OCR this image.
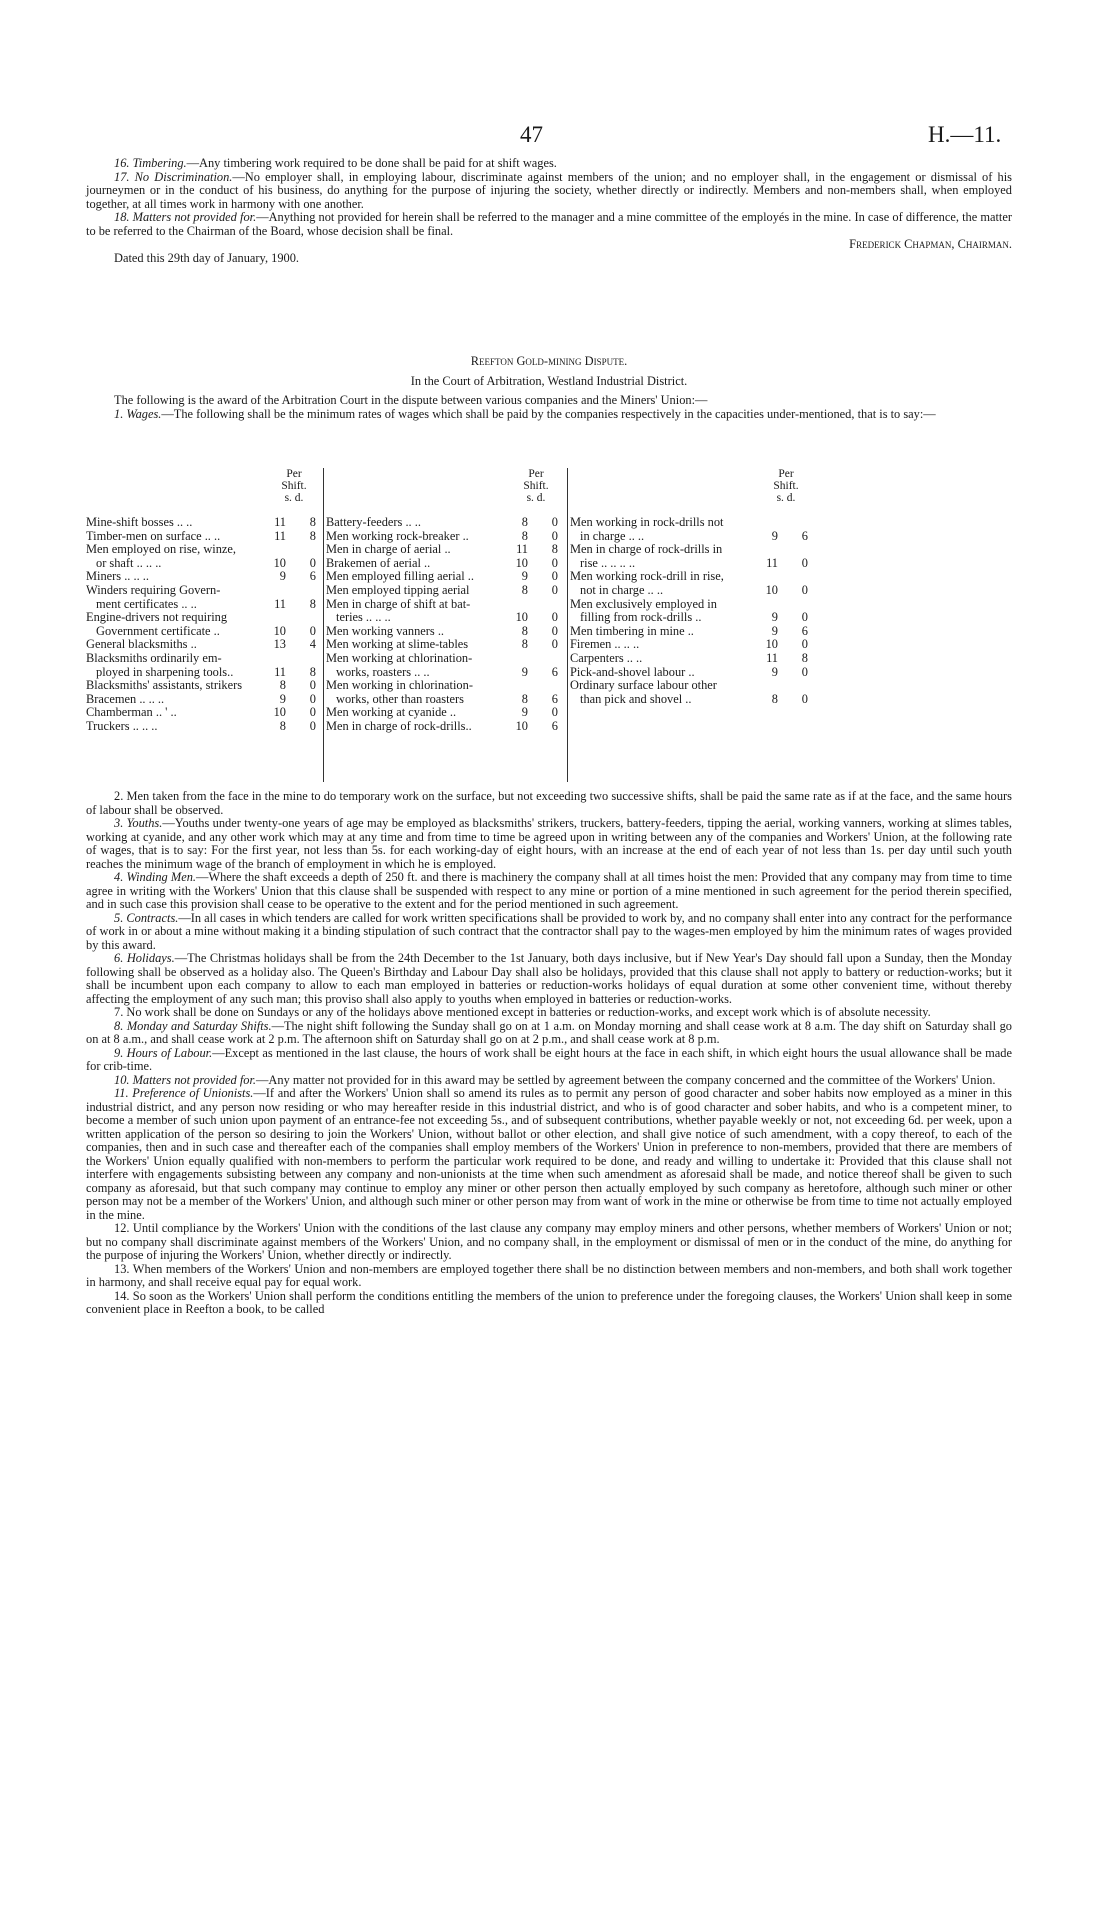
47	H.—11.

16. Timbering.—Any timbering work required to be done shall be paid for at shift wages.

17. No Discrimination.—No employer shall, in employing labour, discriminate against members of the union; and no employer shall, in the engagement or dismissal of his journeymen or in the conduct of his business, do anything for the purpose of injuring the society, whether directly or indirectly. Members and non-members shall, when employed together, at all times work in harmony with one another.

18. Matters not provided for.—Anything not provided for herein shall be referred to the manager and a mine committee of the employés in the mine. In case of difference, the matter to be referred to the Chairman of the Board, whose decision shall be final.

Frederick Chapman, Chairman.

Dated this 29th day of January, 1900.

Reefton Gold-mining Dispute.

In the Court of Arbitration, Westland Industrial District.

The following is the award of the Arbitration Court in the dispute between various companies and the Miners' Union:—

1. Wages.—The following shall be the minimum rates of wages which shall be paid by the companies respectively in the capacities under-mentioned, that is to say:—

Per
Shift.
s. d.
Mine-shift bosses .. ..	11	8
Timber-men on surface .. ..	11	8
Men employed on rise, winze,
or shaft .. .. ..	10	0
Miners .. .. ..	9	6
Winders requiring Govern-
ment certificates .. ..	11	8
Engine-drivers not requiring
Government certificate ..	10	0
General blacksmiths ..	13	4
Blacksmiths ordinarily em-
ployed in sharpening tools..	11	8
Blacksmiths' assistants, strikers	8	0
Bracemen .. .. ..	9	0
Chamberman .. ' ..	10	0
Truckers .. .. ..	8	0
Per
Shift.
s. d.
Battery-feeders .. ..	8	0
Men working rock-breaker ..	8	0
Men in charge of aerial ..	11	8
Brakemen of aerial ..	10	0
Men employed filling aerial ..	9	0
Men employed tipping aerial	8	0
Men in charge of shift at bat-
teries .. .. ..	10	0
Men working vanners ..	8	0
Men working at slime-tables	8	0
Men working at chlorination-
works, roasters .. ..	9	6
Men working in chlorination-
works, other than roasters	8	6
Men working at cyanide ..	9	0
Men in charge of rock-drills..	10	6
Per
Shift.
s. d.
Men working in rock-drills not
in charge .. ..	9	6
Men in charge of rock-drills in
rise .. .. .. ..	11	0
Men working rock-drill in rise,
not in charge .. ..	10	0
Men exclusively employed in
filling from rock-drills ..	9	0
Men timbering in mine ..	9	6
Firemen .. .. ..	10	0
Carpenters .. ..	11	8
Pick-and-shovel labour ..	9	0
Ordinary surface labour other
than pick and shovel ..	8	0

2. Men taken from the face in the mine to do temporary work on the surface, but not exceeding two successive shifts, shall be paid the same rate as if at the face, and the same hours of labour shall be observed.

3. Youths.—Youths under twenty-one years of age may be employed as blacksmiths' strikers, truckers, battery-feeders, tipping the aerial, working vanners, working at slimes tables, working at cyanide, and any other work which may at any time and from time to time be agreed upon in writing between any of the companies and Workers' Union, at the following rate of wages, that is to say: For the first year, not less than 5s. for each working-day of eight hours, with an increase at the end of each year of not less than 1s. per day until such youth reaches the minimum wage of the branch of employment in which he is employed.

4. Winding Men.—Where the shaft exceeds a depth of 250 ft. and there is machinery the company shall at all times hoist the men: Provided that any company may from time to time agree in writing with the Workers' Union that this clause shall be suspended with respect to any mine or portion of a mine mentioned in such agreement for the period therein specified, and in such case this provision shall cease to be operative to the extent and for the period mentioned in such agreement.

5. Contracts.—In all cases in which tenders are called for work written specifications shall be provided to work by, and no company shall enter into any contract for the performance of work in or about a mine without making it a binding stipulation of such contract that the contractor shall pay to the wages-men employed by him the minimum rates of wages provided by this award.

6. Holidays.—The Christmas holidays shall be from the 24th December to the 1st January, both days inclusive, but if New Year's Day should fall upon a Sunday, then the Monday following shall be observed as a holiday also. The Queen's Birthday and Labour Day shall also be holidays, provided that this clause shall not apply to battery or reduction-works; but it shall be incumbent upon each company to allow to each man employed in batteries or reduction-works holidays of equal duration at some other convenient time, without thereby affecting the employment of any such man; this proviso shall also apply to youths when employed in batteries or reduction-works.

7. No work shall be done on Sundays or any of the holidays above mentioned except in batteries or reduction-works, and except work which is of absolute necessity.

8. Monday and Saturday Shifts.—The night shift following the Sunday shall go on at 1 a.m. on Monday morning and shall cease work at 8 a.m. The day shift on Saturday shall go on at 8 a.m., and shall cease work at 2 p.m. The afternoon shift on Saturday shall go on at 2 p.m., and shall cease work at 8 p.m.

9. Hours of Labour.—Except as mentioned in the last clause, the hours of work shall be eight hours at the face in each shift, in which eight hours the usual allowance shall be made for crib-time.

10. Matters not provided for.—Any matter not provided for in this award may be settled by agreement between the company concerned and the committee of the Workers' Union.

11. Preference of Unionists.—If and after the Workers' Union shall so amend its rules as to permit any person of good character and sober habits now employed as a miner in this industrial district, and any person now residing or who may hereafter reside in this industrial district, and who is of good character and sober habits, and who is a competent miner, to become a member of such union upon payment of an entrance-fee not exceeding 5s., and of subsequent contributions, whether payable weekly or not, not exceeding 6d. per week, upon a written application of the person so desiring to join the Workers' Union, without ballot or other election, and shall give notice of such amendment, with a copy thereof, to each of the companies, then and in such case and thereafter each of the companies shall employ members of the Workers' Union in preference to non-members, provided that there are members of the Workers' Union equally qualified with non-members to perform the particular work required to be done, and ready and willing to undertake it: Provided that this clause shall not interfere with engagements subsisting between any company and non-unionists at the time when such amendment as aforesaid shall be made, and notice thereof shall be given to such company as aforesaid, but that such company may continue to employ any miner or other person then actually employed by such company as heretofore, although such miner or other person may not be a member of the Workers' Union, and although such miner or other person may from want of work in the mine or otherwise be from time to time not actually employed in the mine.

12. Until compliance by the Workers' Union with the conditions of the last clause any company may employ miners and other persons, whether members of Workers' Union or not; but no company shall discriminate against members of the Workers' Union, and no company shall, in the employment or dismissal of men or in the conduct of the mine, do anything for the purpose of injuring the Workers' Union, whether directly or indirectly.

13. When members of the Workers' Union and non-members are employed together there shall be no distinction between members and non-members, and both shall work together in harmony, and shall receive equal pay for equal work.

14. So soon as the Workers' Union shall perform the conditions entitling the members of the union to preference under the foregoing clauses, the Workers' Union shall keep in some convenient place in Reefton a book, to be called
